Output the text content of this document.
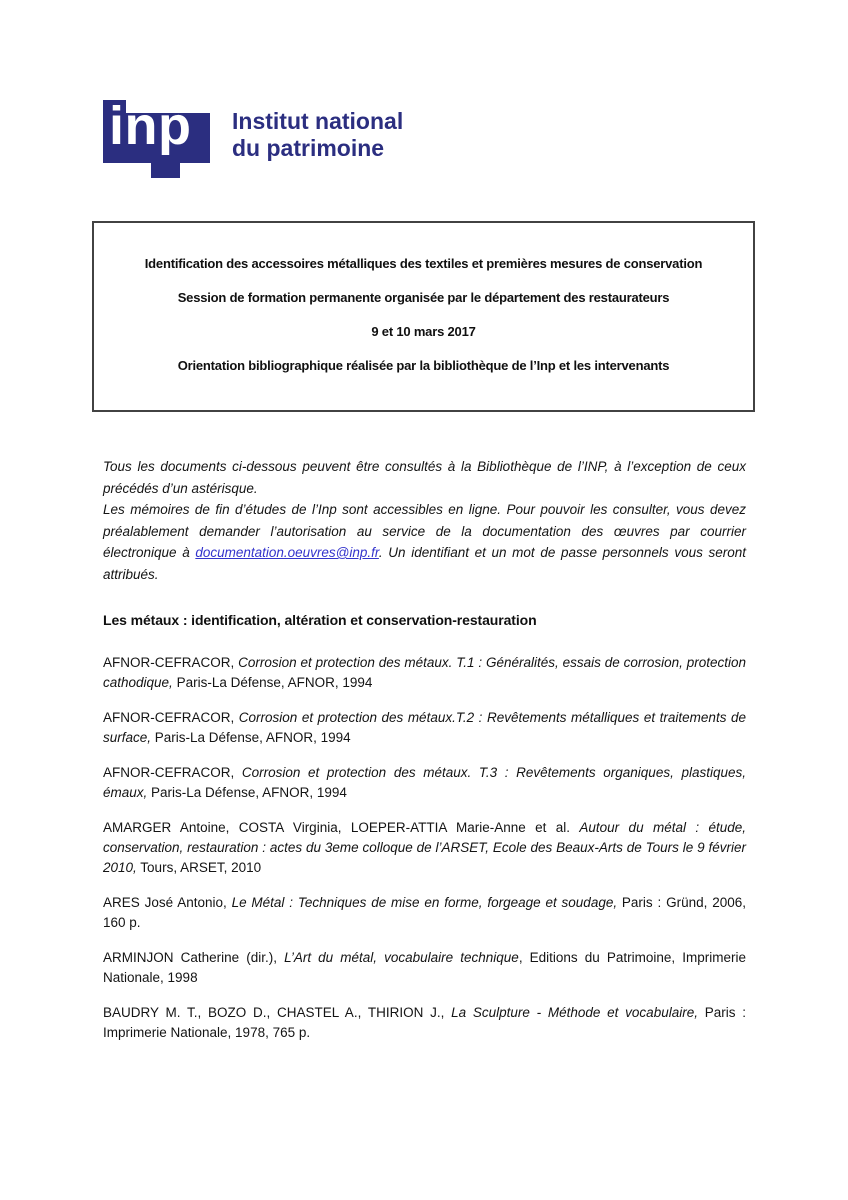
inp Institut national
du patrimoine
Identification des accessoires métalliques des textiles et premières mesures de conservation
Session de formation permanente organisée par le département des restaurateurs
9 et 10 mars 2017
Orientation bibliographique réalisée par la bibliothèque de l’Inp et les intervenants

Tous les documents ci-dessous peuvent être consultés à la Bibliothèque de l’INP, à l’exception de ceux précédés d’un astérisque.

Les mémoires de fin d’études de l’Inp sont accessibles en ligne. Pour pouvoir les consulter, vous devez préalablement demander l’autorisation au service de la documentation des œuvres par courrier électronique à documentation.oeuvres@inp.fr. Un identifiant et un mot de passe personnels vous seront attribués.

Les métaux : identification, altération et conservation-restauration

AFNOR-CEFRACOR, Corrosion et protection des métaux. T.1 : Généralités, essais de corrosion, protection cathodique, Paris-La Défense, AFNOR, 1994

AFNOR-CEFRACOR, Corrosion et protection des métaux.T.2 : Revêtements métalliques et traitements de surface, Paris-La Défense, AFNOR, 1994

AFNOR-CEFRACOR, Corrosion et protection des métaux. T.3 : Revêtements organiques, plastiques, émaux, Paris-La Défense, AFNOR, 1994

AMARGER Antoine, COSTA Virginia, LOEPER-ATTIA Marie-Anne et al. Autour du métal : étude, conservation, restauration : actes du 3eme colloque de l’ARSET, Ecole des Beaux-Arts de Tours le 9 février 2010, Tours, ARSET, 2010

ARES José Antonio, Le Métal : Techniques de mise en forme, forgeage et soudage, Paris : Gründ, 2006, 160 p.

ARMINJON Catherine (dir.), L’Art du métal, vocabulaire technique, Editions du Patrimoine, Imprimerie Nationale, 1998

BAUDRY M. T., BOZO D., CHASTEL A., THIRION J., La Sculpture - Méthode et vocabulaire, Paris : Imprimerie Nationale, 1978, 765 p.
